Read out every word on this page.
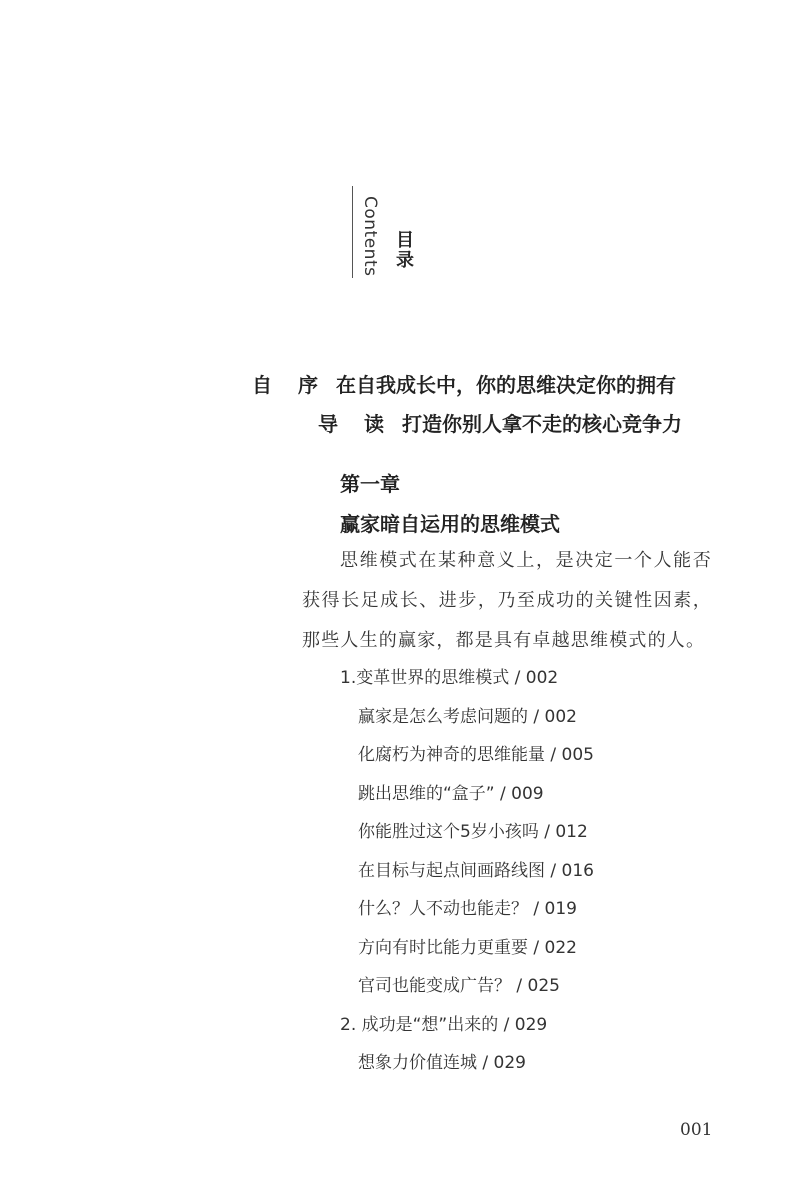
Contents 目录
自序在自我成长中，你的思维决定你的拥有
导读打造你别人拿不走的核心竞争力
第一章
赢家暗自运用的思维模式
思维模式在某种意义上，是决定一个人能否获得长足成长、进步，乃至成功的关键性因素，那些人生的赢家，都是具有卓越思维模式的人。
1.变革世界的思维模式 / 002
赢家是怎么考虑问题的 / 002
化腐朽为神奇的思维能量 / 005
跳出思维的“盒子” / 009
你能胜过这个5岁小孩吗 / 012
在目标与起点间画路线图 / 016
什么？人不动也能走？ / 019
方向有时比能力更重要 / 022
官司也能变成广告？ / 025
2. 成功是“想”出来的 / 029
想象力价值连城 / 029
001
